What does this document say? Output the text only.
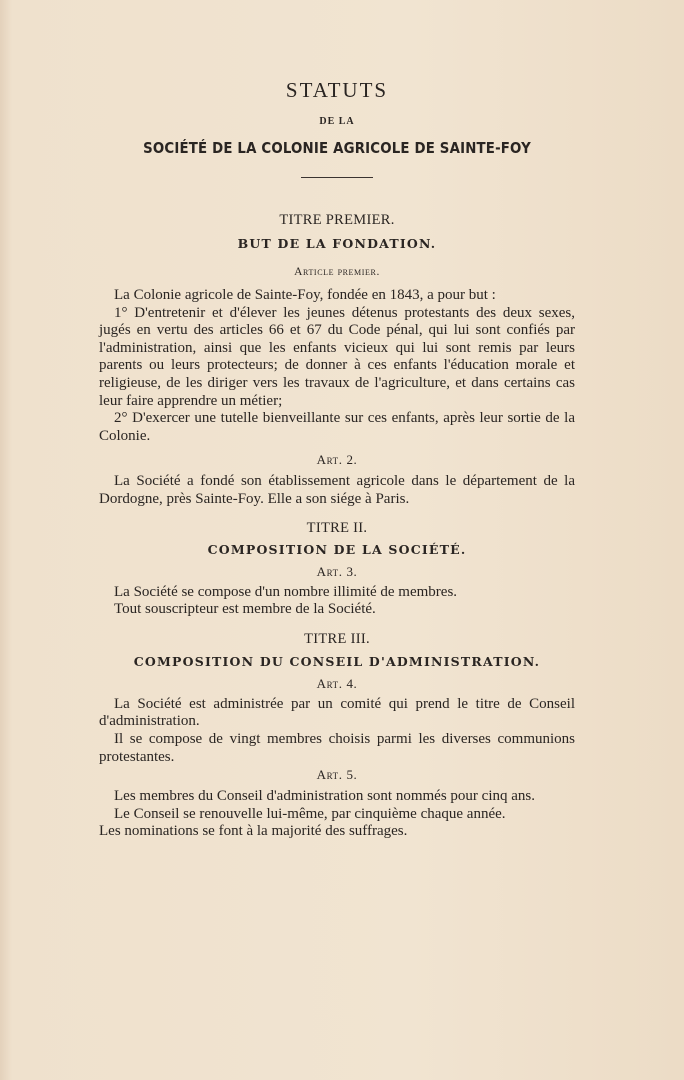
STATUTS
DE LA
SOCIÉTÉ DE LA COLONIE AGRICOLE DE SAINTE-FOY
TITRE PREMIER.
BUT DE LA FONDATION.
Article premier.

La Colonie agricole de Sainte-Foy, fondée en 1843, a pour but :

1° D'entretenir et d'élever les jeunes détenus protestants des deux sexes, jugés en vertu des articles 66 et 67 du Code pénal, qui lui sont confiés par l'administration, ainsi que les enfants vicieux qui lui sont remis par leurs parents ou leurs protecteurs; de donner à ces enfants l'éducation morale et religieuse, de les diriger vers les travaux de l'agriculture, et dans certains cas leur faire apprendre un métier;

2° D'exercer une tutelle bienveillante sur ces enfants, après leur sortie de la Colonie.

Art. 2.

La Société a fondé son établissement agricole dans le département de la Dordogne, près Sainte-Foy. Elle a son siége à Paris.

TITRE II.
COMPOSITION DE LA SOCIÉTÉ.
Art. 3.

La Société se compose d'un nombre illimité de membres.

Tout souscripteur est membre de la Société.

TITRE III.
COMPOSITION DU CONSEIL D'ADMINISTRATION.
Art. 4.

La Société est administrée par un comité qui prend le titre de Conseil d'administration.

Il se compose de vingt membres choisis parmi les diverses communions protestantes.

Art. 5.

Les membres du Conseil d'administration sont nommés pour cinq ans.

Le Conseil se renouvelle lui-même, par cinquième chaque année.

Les nominations se font à la majorité des suffrages.
